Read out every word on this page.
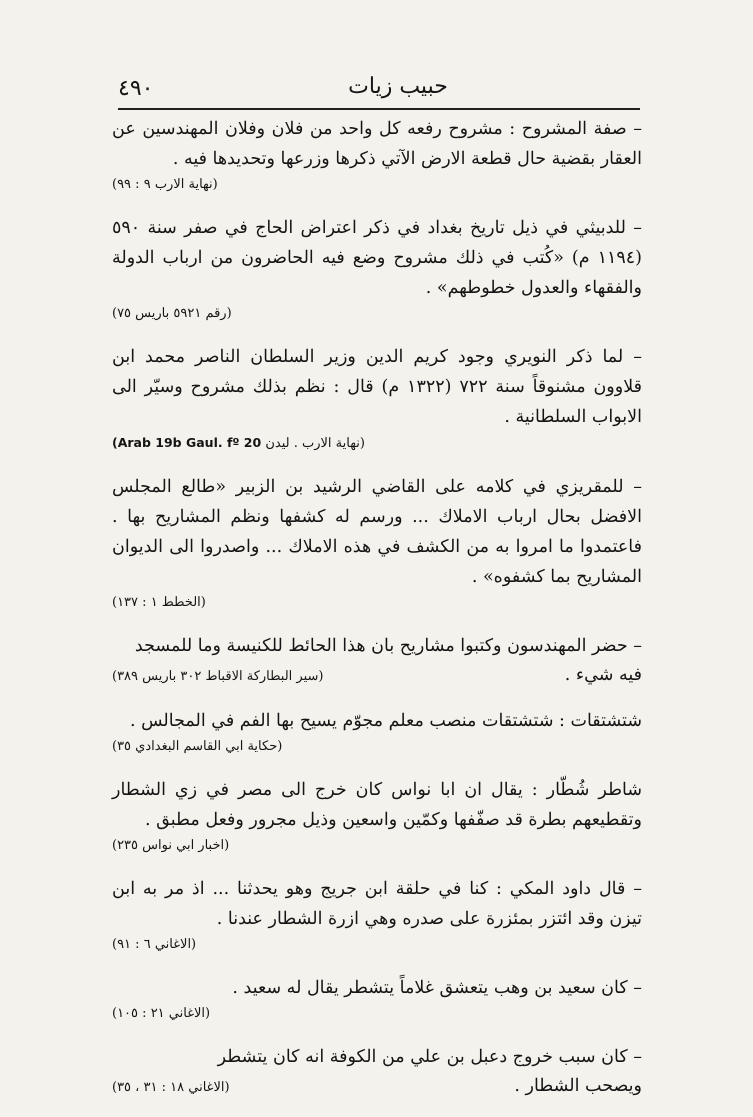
٤٩٠	حبيب زيات

– صفة المشروح : مشروح رفعه كل واحد من فلان وفلان المهندسين عن العقار بقضية حال قطعة الارض الآتي ذكرها وزرعها وتحديدها فيه .

(نهاية الارب ٩ : ٩٩)

– للدبيثي في ذيل تاريخ بغداد في ذكر اعتراض الحاج في صفر سنة ٥٩٠ (١١٩٤ م) «كُتب في ذلك مشروح وضع فيه الحاضرون من ارباب الدولة والفقهاء والعدول خطوطهم» .

(رقم ٥٩٢١ باريس ٧٥)

– لما ذكر النويري وجود كريم الدين وزير السلطان الناصر محمد ابن قلاوون مشنوقاً سنة ٧٢٢ (١٣٢٢ م) قال : نظم بذلك مشروح وسيّر الى الابواب السلطانية .

Arab 19b Gaul. fº 20) (نهاية الارب . ليدن

– للمقريزي في كلامه على القاضي الرشيد بن الزبير «طالع المجلس الافضل بحال ارباب الاملاك ... ورسم له كشفها ونظم المشاريح بها . فاعتمدوا ما امروا به من الكشف في هذه الاملاك ... واصدروا الى الديوان المشاريح بما كشفوه» .

(الخطط ١ : ١٣٧)

– حضر المهندسون وكتبوا مشاريح بان هذا الحائط للكنيسة وما للمسجد

فيه شيء .
(سير البطاركة الاقباط ٣٠٢ باريس ٣٨٩)

شتشتقات : شتشتقات منصب معلم مجوّم يسيح بها الفم في المجالس .

(حكاية ابي القاسم البغدادي ٣٥)

شاطر شُطّار : يقال ان ابا نواس كان خرج الى مصر في زي الشطار وتقطيعهم بطرة قد صفّفها وكمّين واسعين وذيل مجرور وفعل مطبق .

(اخبار ابي نواس ٢٣٥)

– قال داود المكي : كنا في حلقة ابن جريج وهو يحدثنا ... اذ مر به ابن تيزن وقد ائتزر بمئزرة على صدره وهي ازرة الشطار عندنا .

(الاغاني ٦ : ٩١)

– كان سعيد بن وهب يتعشق غلاماً يتشطر يقال له سعيد .

(الاغاني ٢١ : ١٠٥)

– كان سبب خروج دعبل بن علي من الكوفة انه كان يتشطر

ويصحب الشطار .
(الاغاني ١٨ : ٣١ ، ٣٥)
